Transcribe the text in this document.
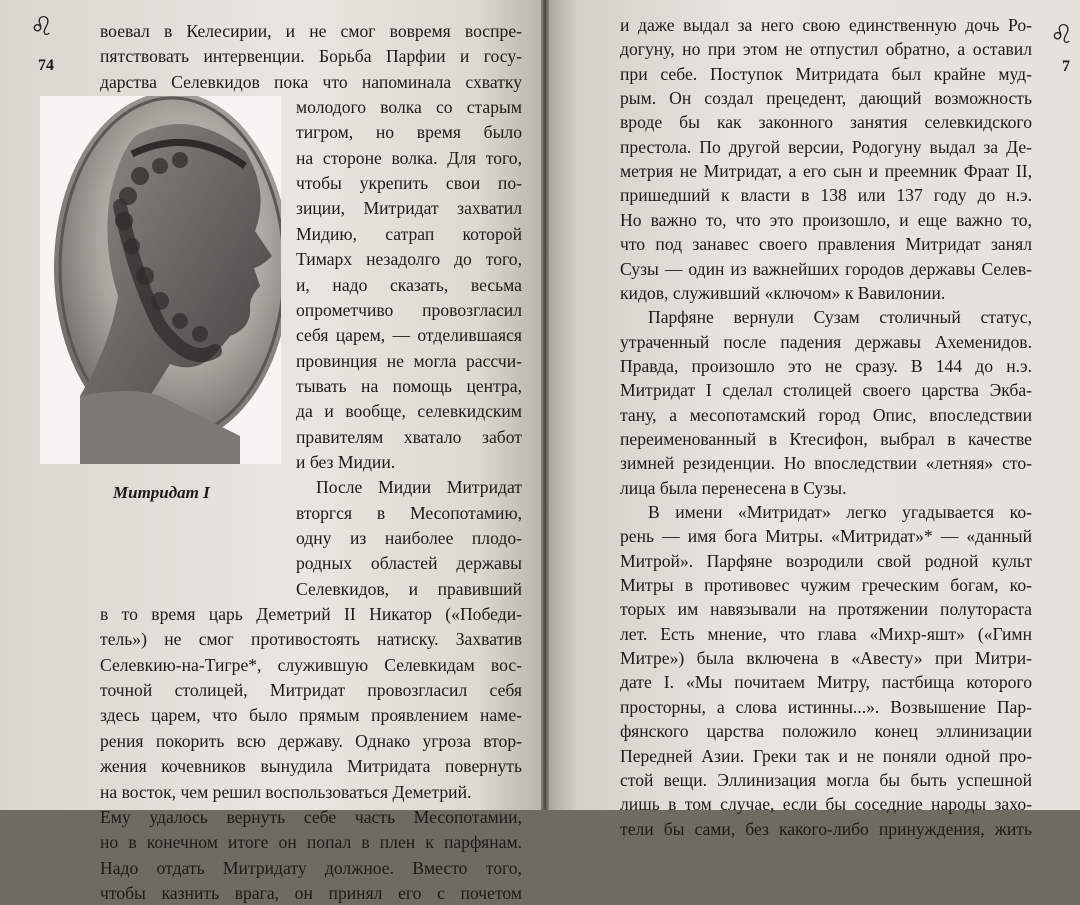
♌
74
♌
7
Митридат I
воевал в Келесирии, и не смог вовремя воспре-
пятствовать интервенции. Борьба Парфии и госу-
дарства Селевкидов пока что напоминала схватку
молодого волка со старым
тигром, но время было
на стороне волка. Для того,
чтобы укрепить свои по-
зиции, Митридат захватил
Мидию, сатрап которой
Тимарх незадолго до того,
и, надо сказать, весьма
опрометчиво провозгласил
себя царем, — отделившаяся
провинция не могла рассчи-
тывать на помощь центра,
да и вообще, селевкидским
правителям хватало забот
и без Мидии.
После Мидии Митридат
вторгся в Месопотамию,
одну из наиболее плодо-
родных областей державы
Селевкидов, и правивший
в то время царь Деметрий II Никатор («Победи-
тель») не смог противостоять натиску. Захватив
Селевкию-на-Тигре*, служившую Селевкидам вос-
точной столицей, Митридат провозгласил себя
здесь царем, что было прямым проявлением наме-
рения покорить всю державу. Однако угроза втор-
жения кочевников вынудила Митридата повернуть
на восток, чем решил воспользоваться Деметрий.
Ему удалось вернуть себе часть Месопотамии,
но в конечном итоге он попал в плен к парфянам.
Надо отдать Митридату должное. Вместо того,
чтобы казнить врага, он принял его с почетом
и даже выдал за него свою единственную дочь Ро-
догуну, но при этом не отпустил обратно, а оставил
при себе. Поступок Митридата был крайне муд-
рым. Он создал прецедент, дающий возможность
вроде бы как законного занятия селевкидского
престола. По другой версии, Родогуну выдал за Де-
метрия не Митридат, а его сын и преемник Фраат II,
пришедший к власти в 138 или 137 году до н.э.
Но важно то, что это произошло, и еще важно то,
что под занавес своего правления Митридат занял
Сузы — один из важнейших городов державы Селев-
кидов, служивший «ключом» к Вавилонии.
Парфяне вернули Сузам столичный статус,
утраченный после падения державы Ахеменидов.
Правда, произошло это не сразу. В 144 до н.э.
Митридат I сделал столицей своего царства Экба-
тану, а месопотамский город Опис, впоследствии
переименованный в Ктесифон, выбрал в качестве
зимней резиденции. Но впоследствии «летняя» сто-
лица была перенесена в Сузы.
В имени «Митридат» легко угадывается ко-
рень — имя бога Митры. «Митридат»* — «данный
Митрой». Парфяне возродили свой родной культ
Митры в противовес чужим греческим богам, ко-
торых им навязывали на протяжении полутораста
лет. Есть мнение, что глава «Михр-яшт» («Гимн
Митре») была включена в «Авесту» при Митри-
дате I. «Мы почитаем Митру, пастбища которого
просторны, а слова истинны...». Возвышение Пар-
фянского царства положило конец эллинизации
Передней Азии. Греки так и не поняли одной про-
стой вещи. Эллинизация могла бы быть успешной
лишь в том случае, если бы соседние народы захо-
тели бы сами, без какого-либо принуждения, жить
